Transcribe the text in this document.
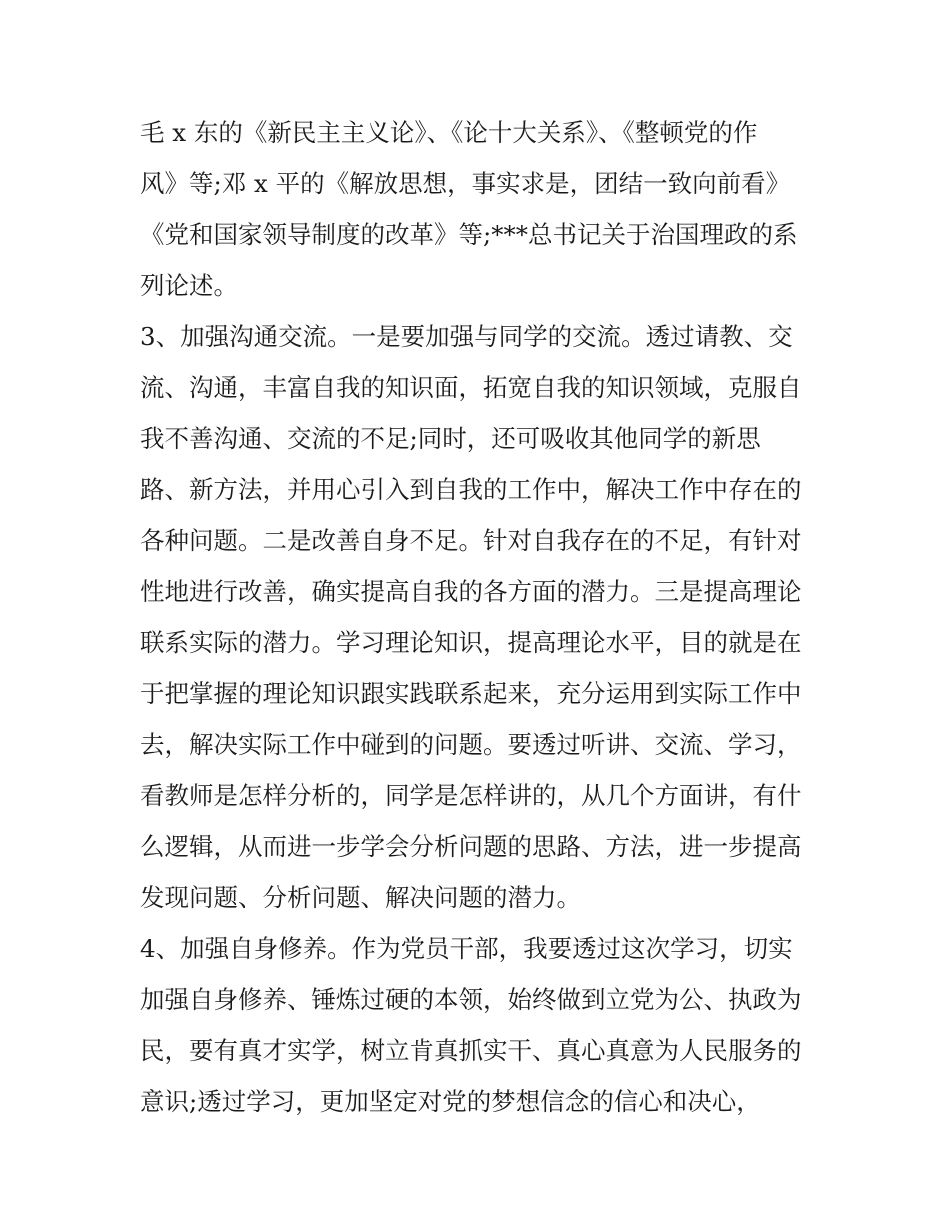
毛 x 东的《新民主主义论》、《论十大关系》、《整顿党的作
风》等;邓 x 平的《解放思想，事实求是，团结一致向前看》
《党和国家领导制度的改革》等;***总书记关于治国理政的系
列论述。
3、加强沟通交流。一是要加强与同学的交流。透过请教、交
流、沟通，丰富自我的知识面，拓宽自我的知识领域，克服自
我不善沟通、交流的不足;同时，还可吸收其他同学的新思
路、新方法，并用心引入到自我的工作中，解决工作中存在的
各种问题。二是改善自身不足。针对自我存在的不足，有针对
性地进行改善，确实提高自我的各方面的潜力。三是提高理论
联系实际的潜力。学习理论知识，提高理论水平，目的就是在
于把掌握的理论知识跟实践联系起来，充分运用到实际工作中
去，解决实际工作中碰到的问题。要透过听讲、交流、学习，
看教师是怎样分析的，同学是怎样讲的，从几个方面讲，有什
么逻辑，从而进一步学会分析问题的思路、方法，进一步提高
发现问题、分析问题、解决问题的潜力。
4、加强自身修养。作为党员干部，我要透过这次学习，切实
加强自身修养、锤炼过硬的本领，始终做到立党为公、执政为
民，要有真才实学，树立肯真抓实干、真心真意为人民服务的
意识;透过学习，更加坚定对党的梦想信念的信心和决心，
